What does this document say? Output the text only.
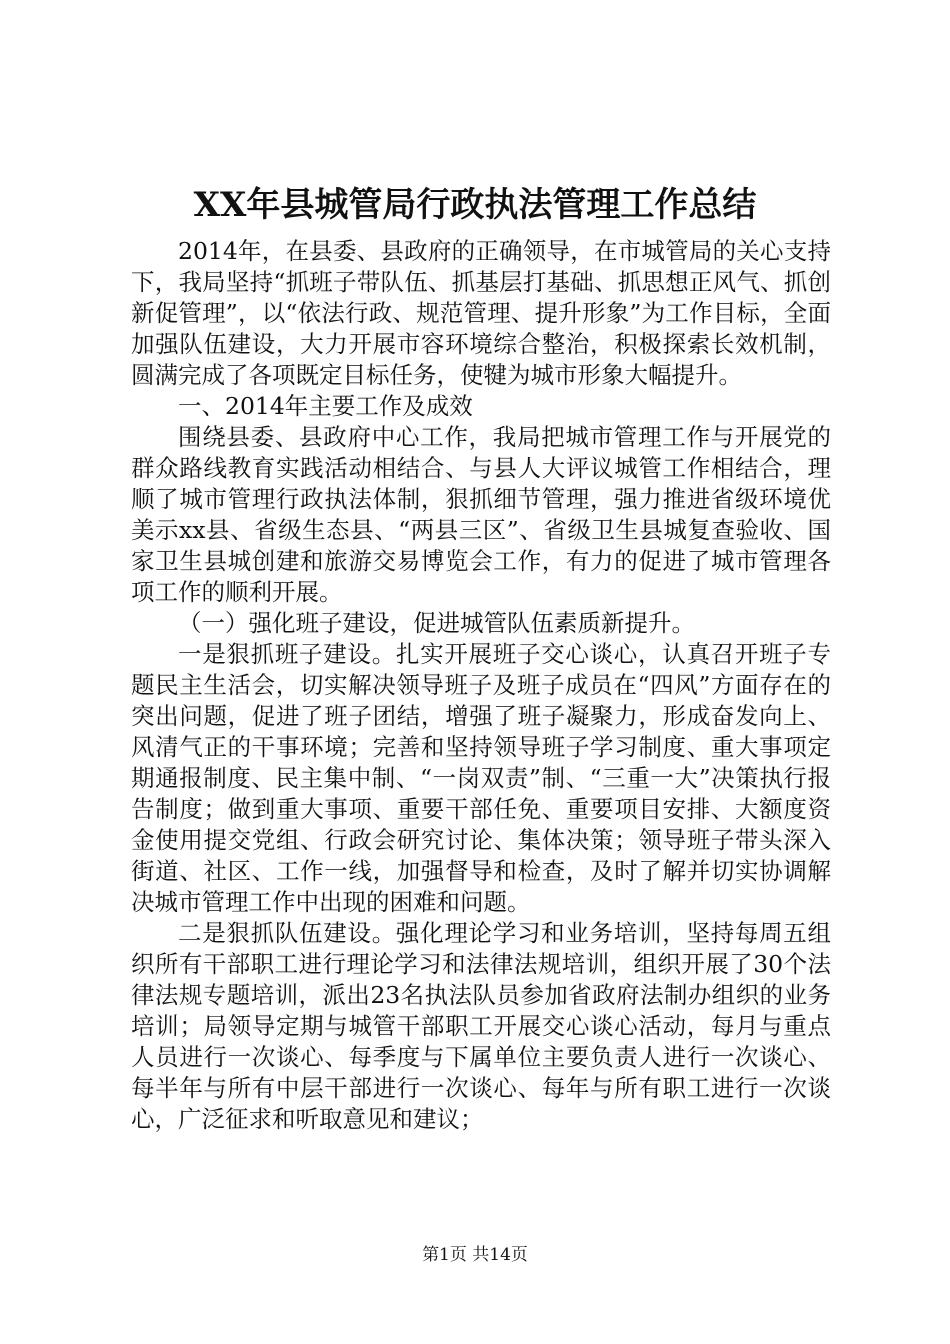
XX年县城管局行政执法管理工作总结

2014年，在县委、县政府的正确领导，在市城管局的关心支持下，我局坚持“抓班子带队伍、抓基层打基础、抓思想正风气、抓创新促管理”，以“依法行政、规范管理、提升形象”为工作目标，全面加强队伍建设，大力开展市容环境综合整治，积极探索长效机制，圆满完成了各项既定目标任务，使犍为城市形象大幅提升。

一、2014年主要工作及成效

围绕县委、县政府中心工作，我局把城市管理工作与开展党的群众路线教育实践活动相结合、与县人大评议城管工作相结合，理顺了城市管理行政执法体制，狠抓细节管理，强力推进省级环境优美示xx县、省级生态县、“两县三区”、省级卫生县城复查验收、国家卫生县城创建和旅游交易博览会工作，有力的促进了城市管理各项工作的顺利开展。

（一）强化班子建设，促进城管队伍素质新提升。

一是狠抓班子建设。扎实开展班子交心谈心，认真召开班子专题民主生活会，切实解决领导班子及班子成员在“四风”方面存在的突出问题，促进了班子团结，增强了班子凝聚力，形成奋发向上、风清气正的干事环境；完善和坚持领导班子学习制度、重大事项定期通报制度、民主集中制、“一岗双责”制、“三重一大”决策执行报告制度；做到重大事项、重要干部任免、重要项目安排、大额度资金使用提交党组、行政会研究讨论、集体决策；领导班子带头深入街道、社区、工作一线，加强督导和检查，及时了解并切实协调解决城市管理工作中出现的困难和问题。

二是狠抓队伍建设。强化理论学习和业务培训，坚持每周五组织所有干部职工进行理论学习和法律法规培训，组织开展了30个法律法规专题培训，派出23名执法队员参加省政府法制办组织的业务培训；局领导定期与城管干部职工开展交心谈心活动，每月与重点人员进行一次谈心、每季度与下属单位主要负责人进行一次谈心、每半年与所有中层干部进行一次谈心、每年与所有职工进行一次谈心，广泛征求和听取意见和建议；

第1页 共14页
